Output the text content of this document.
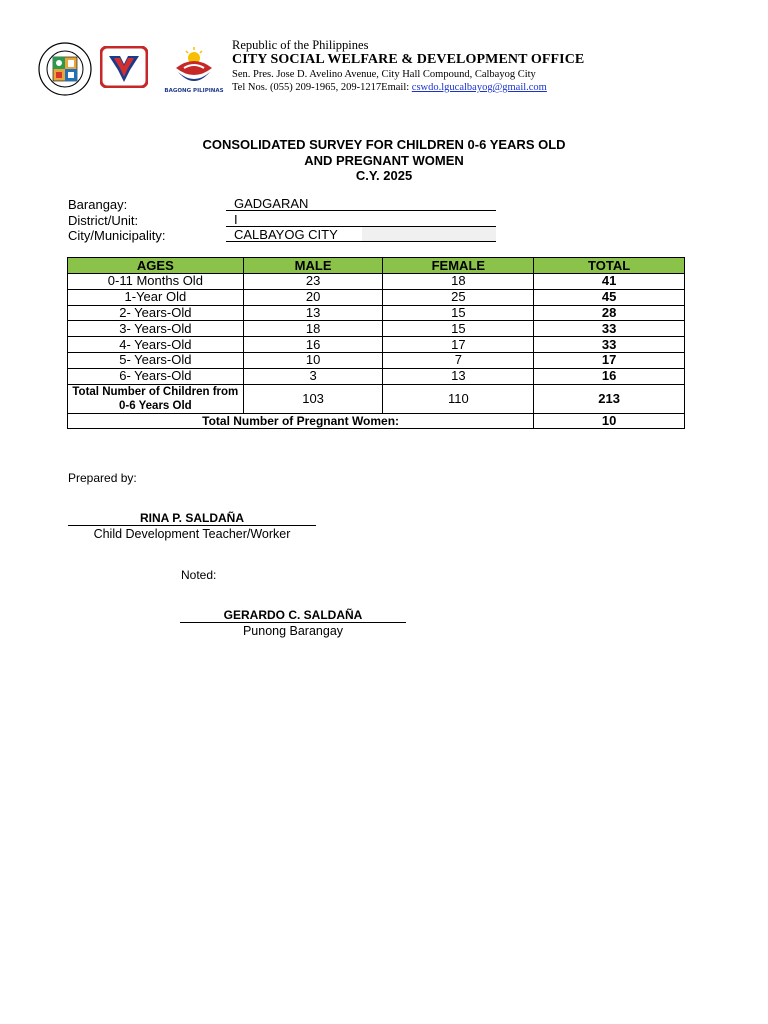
BAGONG PILIPINAS
Republic of the Philippines
CITY SOCIAL WELFARE & DEVELOPMENT OFFICE
Sen. Pres. Jose D. Avelino Avenue, City Hall Compound, Calbayog City
Tel Nos. (055) 209-1965, 209-1217Email: cswdo.lgucalbayog@gmail.com
CONSOLIDATED SURVEY FOR CHILDREN 0-6 YEARS OLD
AND PREGNANT WOMEN
C.Y. 2025
Barangay:	GADGARAN
District/Unit:	I
City/Municipality:	CALBAYOG CITY
AGES	MALE	FEMALE	TOTAL
0-11 Months Old	23	18	41
1-Year Old	20	25	45
2- Years-Old	13	15	28
3- Years-Old	18	15	33
4- Years-Old	16	17	33
5- Years-Old	10	7	17
6- Years-Old	3	13	16
Total Number of Children from 0-6 Years Old	103	110	213
Total Number of Pregnant Women:			10
Prepared by:
RINA P. SALDAÑA
Child Development Teacher/Worker
Noted:
GERARDO C. SALDAÑA
Punong Barangay
